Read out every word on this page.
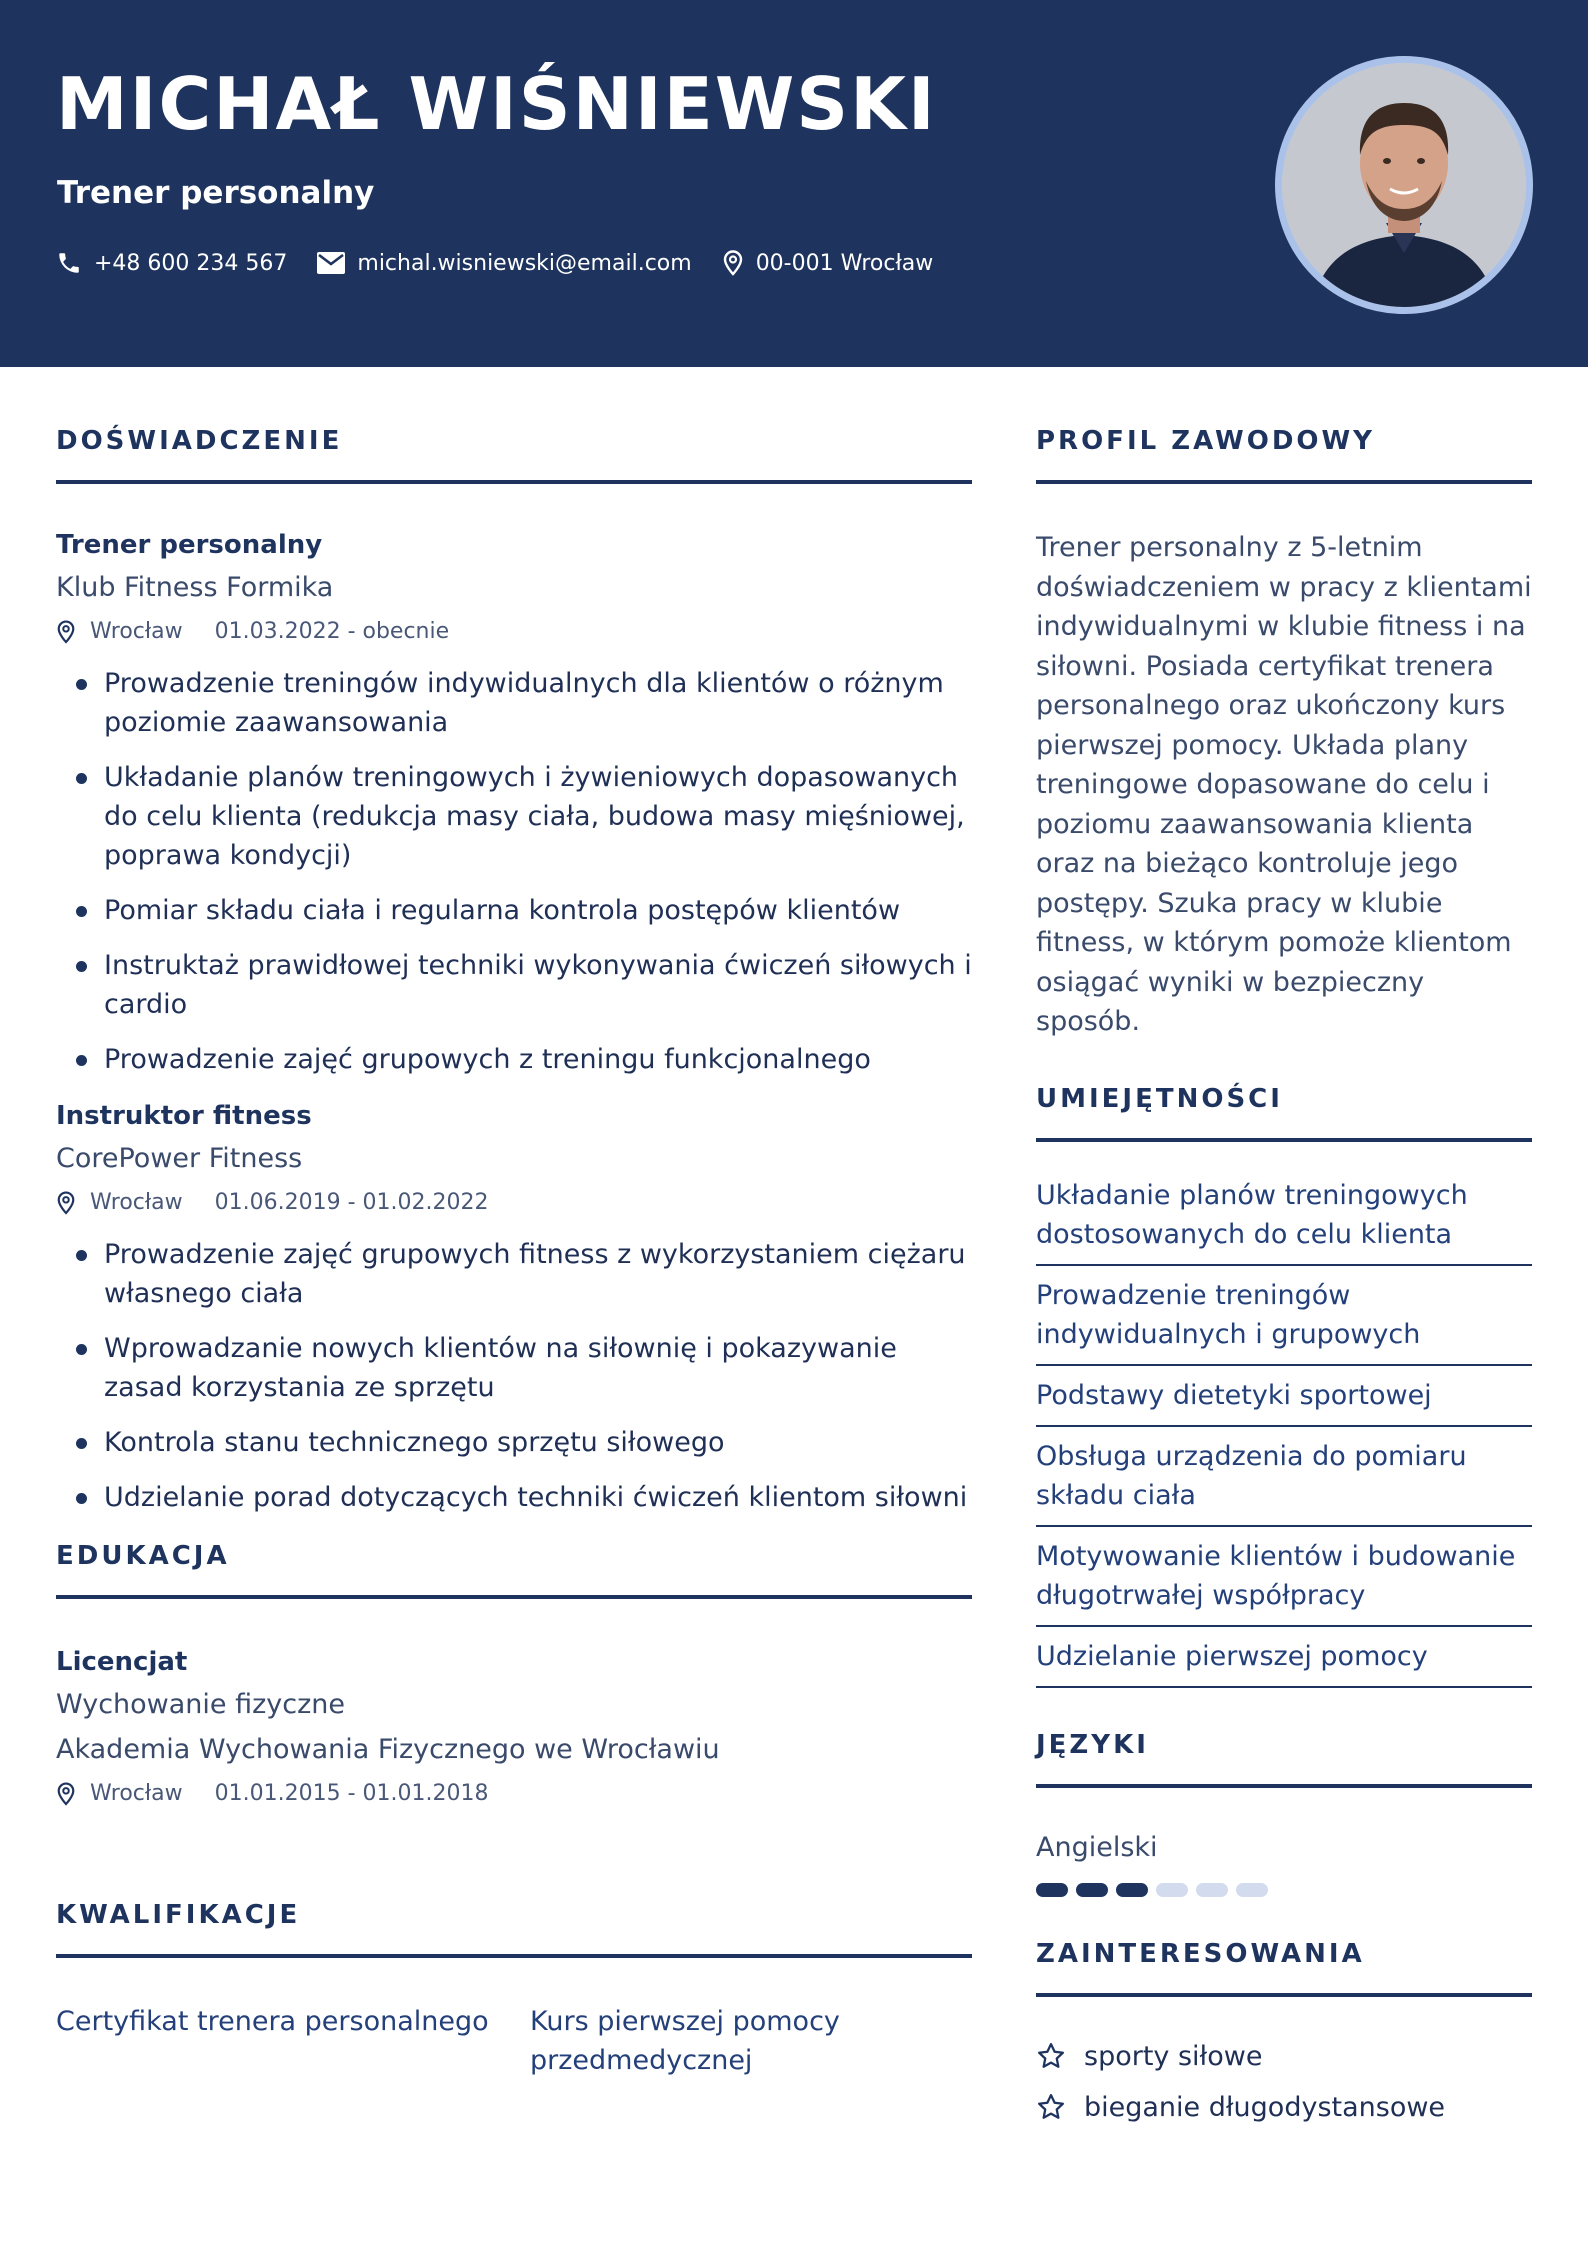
MICHAŁ WIŚNIEWSKI
Trener personalny
+48 600 234 567	michal.wisniewski@email.com	00-001 Wrocław
DOŚWIADCZENIE
Trener personalny
Klub Fitness Formika
Wrocław 01.03.2022 - obecnie
Prowadzenie treningów indywidualnych dla klientów o różnym poziomie zaawansowania
Układanie planów treningowych i żywieniowych dopasowanych do celu klienta (redukcja masy ciała, budowa masy mięśniowej, poprawa kondycji)
Pomiar składu ciała i regularna kontrola postępów klientów
Instruktaż prawidłowej techniki wykonywania ćwiczeń siłowych i cardio
Prowadzenie zajęć grupowych z treningu funkcjonalnego
Instruktor fitness
CorePower Fitness
Wrocław 01.06.2019 - 01.02.2022
Prowadzenie zajęć grupowych fitness z wykorzystaniem ciężaru własnego ciała
Wprowadzanie nowych klientów na siłownię i pokazywanie zasad korzystania ze sprzętu
Kontrola stanu technicznego sprzętu siłowego
Udzielanie porad dotyczących techniki ćwiczeń klientom siłowni
EDUKACJA
Licencjat
Wychowanie fizyczne
Akademia Wychowania Fizycznego we Wrocławiu
Wrocław 01.01.2015 - 01.01.2018
KWALIFIKACJE
Certyfikat trenera personalnego	Kurs pierwszej pomocy przedmedycznej
PROFIL ZAWODOWY
Trener personalny z 5-letnim doświadczeniem w pracy z klientami indywidualnymi w klubie fitness i na siłowni. Posiada certyfikat trenera personalnego oraz ukończony kurs pierwszej pomocy. Układa plany treningowe dopasowane do celu i poziomu zaawansowania klienta oraz na bieżąco kontroluje jego postępy. Szuka pracy w klubie fitness, w którym pomoże klientom osiągać wyniki w bezpieczny sposób.
UMIEJĘTNOŚCI
Układanie planów treningowych dostosowanych do celu klienta
Prowadzenie treningów indywidualnych i grupowych
Podstawy dietetyki sportowej
Obsługa urządzenia do pomiaru składu ciała
Motywowanie klientów i budowanie długotrwałej współpracy
Udzielanie pierwszej pomocy
JĘZYKI
Angielski
ZAINTERESOWANIA
sporty siłowe
bieganie długodystansowe
